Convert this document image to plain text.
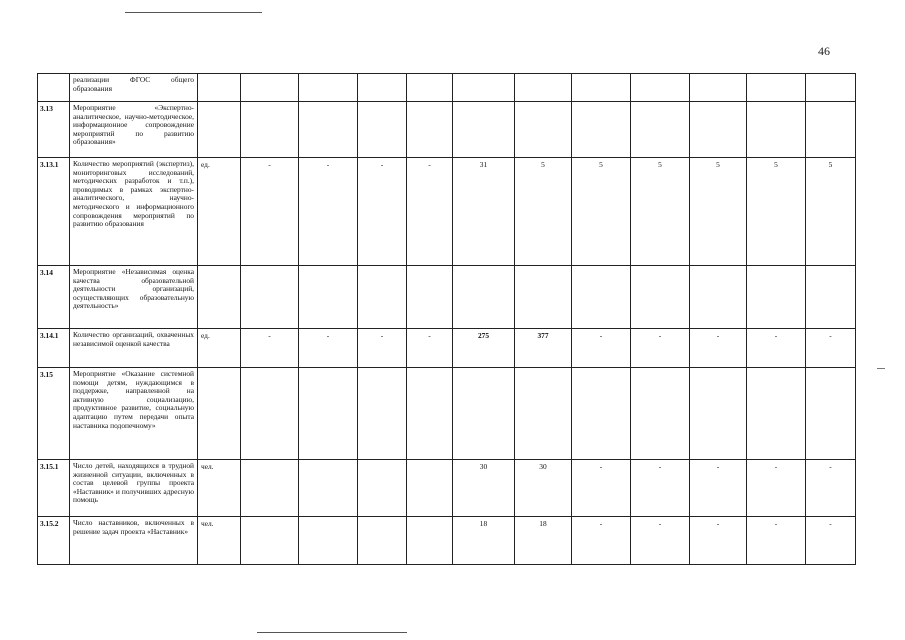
46
	реализации ФГОС общего образования												
3.13	Мероприятие «Экспертно-аналитическое, научно-методическое, информационное сопровождение мероприятий по развитию образования»												
3.13.1	Количество мероприятий (экспертиз), мониторинговых исследований, методических разработок и т.п.), проводимых в рамках экспертно-аналитического, научно-методического и информационного сопровождения мероприятий по развитию образования	ед.	-	-	-	-	31	5	5	5	5	5	5
3.14	Мероприятие «Независимая оценка качества образовательной деятельности организаций, осуществляющих образовательную деятельность»												
3.14.1	Количество организаций, охваченных независимой оценкой качества	ед.	-	-	-	-	275	377	-	-	-	-	-
3.15	Мероприятие «Оказание системной помощи детям, нуждающимся в поддержке, направленной на активную социализацию, продуктивное развитие, социальную адаптацию путем передачи опыта наставника подопечному»												
3.15.1	Число детей, находящихся в трудной жизненной ситуации, включенных в состав целевой группы проекта «Наставник» и получивших адресную помощь	чел.					30	30	-	-	-	-	-
3.15.2	Число наставников, включенных в решение задач проекта «Наставник»	чел.					18	18	-	-	-	-	-
